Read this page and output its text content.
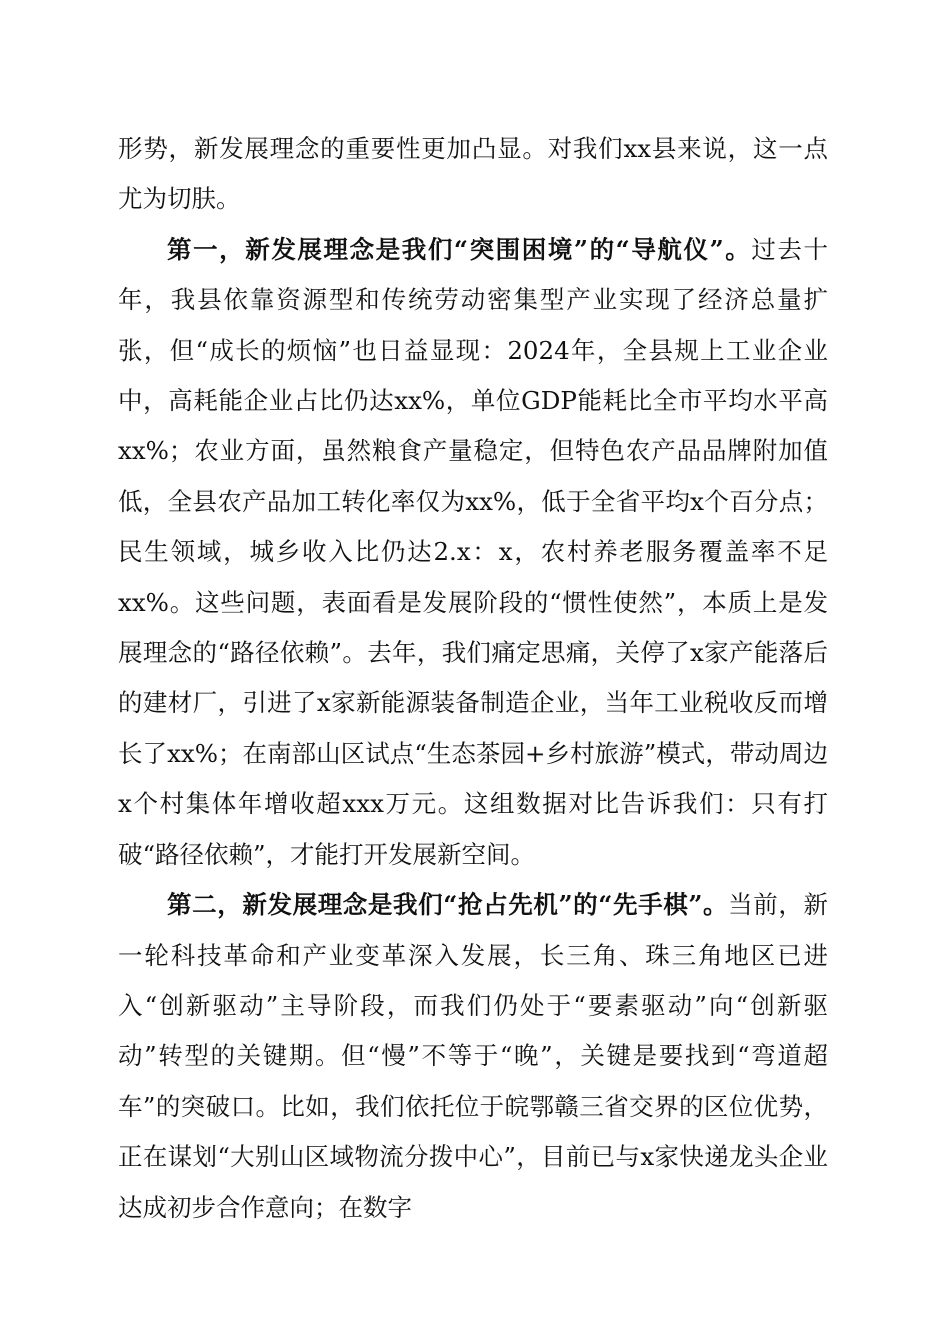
形势，新发展理念的重要性更加凸显。对我们xx县来说，这一点尤为切肤。

第一，新发展理念是我们“突围困境”的“导航仪”。过去十年，我县依靠资源型和传统劳动密集型产业实现了经济总量扩张，但“成长的烦恼”也日益显现：2024年，全县规上工业企业中，高耗能企业占比仍达xx%，单位GDP能耗比全市平均水平高xx%；农业方面，虽然粮食产量稳定，但特色农产品品牌附加值低，全县农产品加工转化率仅为xx%，低于全省平均x个百分点；民生领域，城乡收入比仍达2.x：x，农村养老服务覆盖率不足xx%。这些问题，表面看是发展阶段的“惯性使然”，本质上是发展理念的“路径依赖”。去年，我们痛定思痛，关停了x家产能落后的建材厂，引进了x家新能源装备制造企业，当年工业税收反而增长了xx%；在南部山区试点“生态茶园+乡村旅游”模式，带动周边x个村集体年增收超xxx万元。这组数据对比告诉我们：只有打破“路径依赖”，才能打开发展新空间。

第二，新发展理念是我们“抢占先机”的“先手棋”。当前，新一轮科技革命和产业变革深入发展，长三角、珠三角地区已进入“创新驱动”主导阶段，而我们仍处于“要素驱动”向“创新驱动”转型的关键期。但“慢”不等于“晚”，关键是要找到“弯道超车”的突破口。比如，我们依托位于皖鄂赣三省交界的区位优势，正在谋划“大别山区域物流分拨中心”，目前已与x家快递龙头企业达成初步合作意向；在数字
